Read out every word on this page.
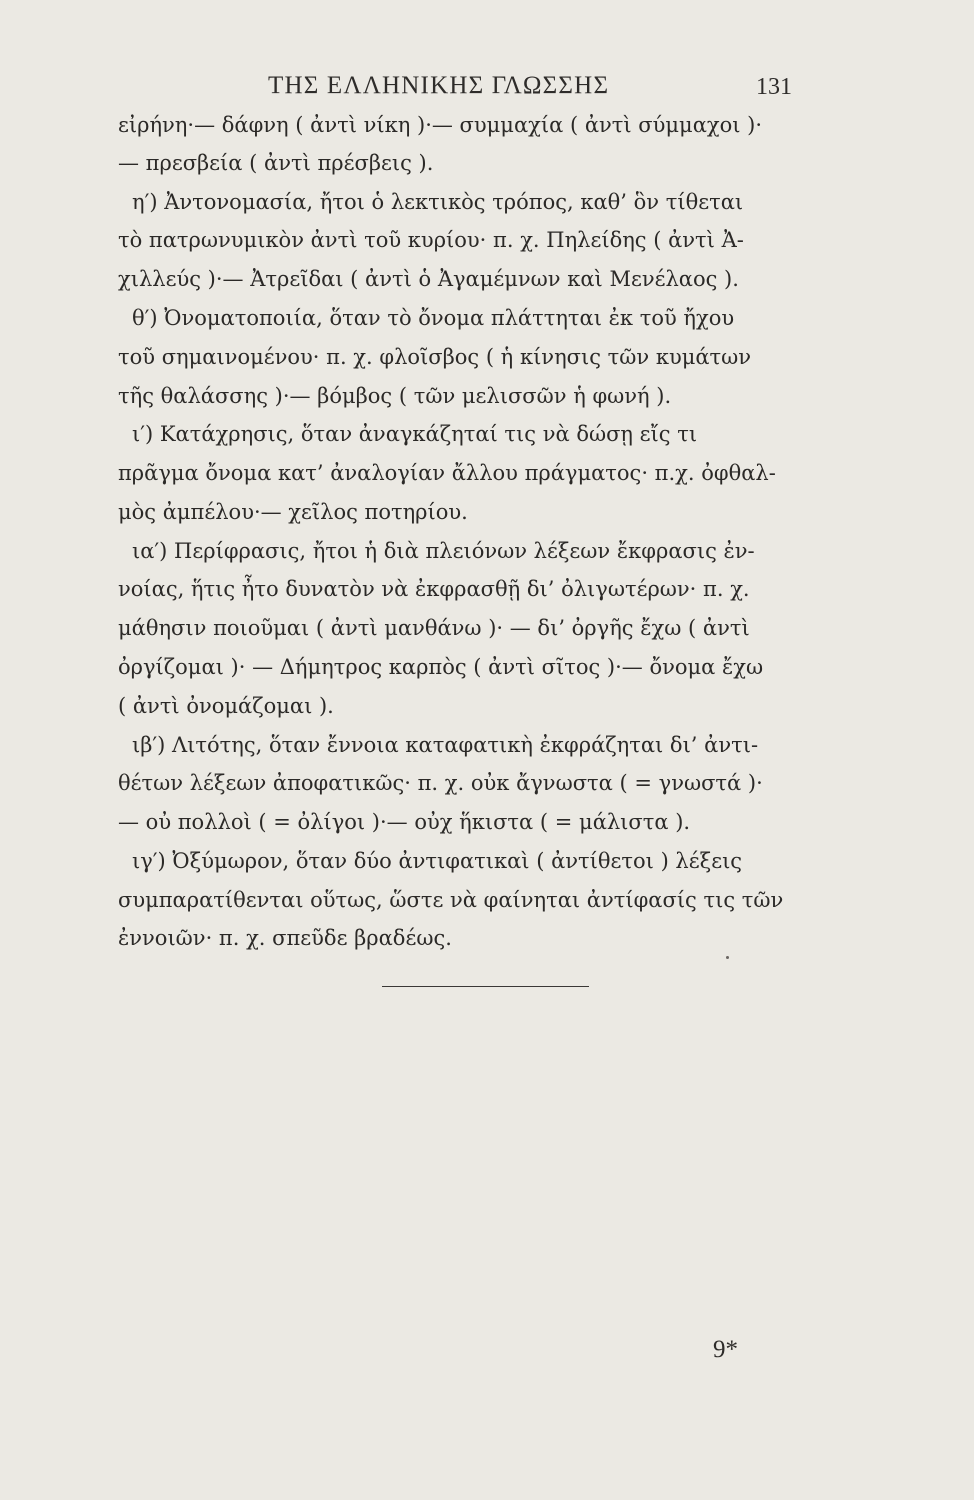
ΤΗΣ ΕΛΛΗΝΙΚΗΣ ΓΛΩΣΣΗΣ	131
εἰρήνη·— δάφνη ( ἀντὶ νίκη )·— συμμαχία ( ἀντὶ σύμμαχοι )·
— πρεσβεία ( ἀντὶ πρέσβεις ).
η′) Ἀντονομασία, ἤτοι ὁ λεκτικὸς τρόπος, καθ’ ὃν τίθεται
τὸ πατρωνυμικὸν ἀντὶ τοῦ κυρίου· π. χ. Πηλείδης ( ἀντὶ Ἀ-
χιλλεύς )·— Ἀτρεῖδαι ( ἀντὶ ὁ Ἀγαμέμνων καὶ Μενέλαος ).
θ′) Ὀνοματοποιία, ὅταν τὸ ὄνομα πλάττηται ἐκ τοῦ ἤχου
τοῦ σημαινομένου· π. χ. φλοῖσβος ( ἡ κίνησις τῶν κυμάτων
τῆς θαλάσσης )·— βόμβος ( τῶν μελισσῶν ἡ φωνή ).
ι′) Κατάχρησις, ὅταν ἀναγκάζηταί τις νὰ δώσῃ εἴς τι
πρᾶγμα ὄνομα κατ’ ἀναλογίαν ἄλλου πράγματος· π.χ. ὀφθαλ-
μὸς ἀμπέλου·— χεῖλος ποτηρίου.
ια′) Περίφρασις, ἤτοι ἡ διὰ πλειόνων λέξεων ἔκφρασις ἐν-
νοίας, ἥτις ἦτο δυνατὸν νὰ ἐκφρασθῇ δι’ ὀλιγωτέρων· π. χ.
μάθησιν ποιοῦμαι ( ἀντὶ μανθάνω )· — δι’ ὀργῆς ἔχω ( ἀντὶ
ὀργίζομαι )· — Δήμητρος καρπὸς ( ἀντὶ σῖτος )·— ὄνομα ἔχω
( ἀντὶ ὀνομάζομαι ).
ιβ′) Λιτότης, ὅταν ἔννοια καταφατικὴ ἐκφράζηται δι’ ἀντι-
θέτων λέξεων ἀποφατικῶς· π. χ. οὐκ ἄγνωστα ( = γνωστά )·
— οὐ πολλοὶ ( = ὀλίγοι )·— οὐχ ἥκιστα ( = μάλιστα ).
ιγ′) Ὀξύμωρον, ὅταν δύο ἀντιφατικαὶ ( ἀντίθετοι ) λέξεις
συμπαρατίθενται οὕτως, ὥστε νὰ φαίνηται ἀντίφασίς τις τῶν
ἐννοιῶν· π. χ. σπεῦδε βραδέως.
9*
